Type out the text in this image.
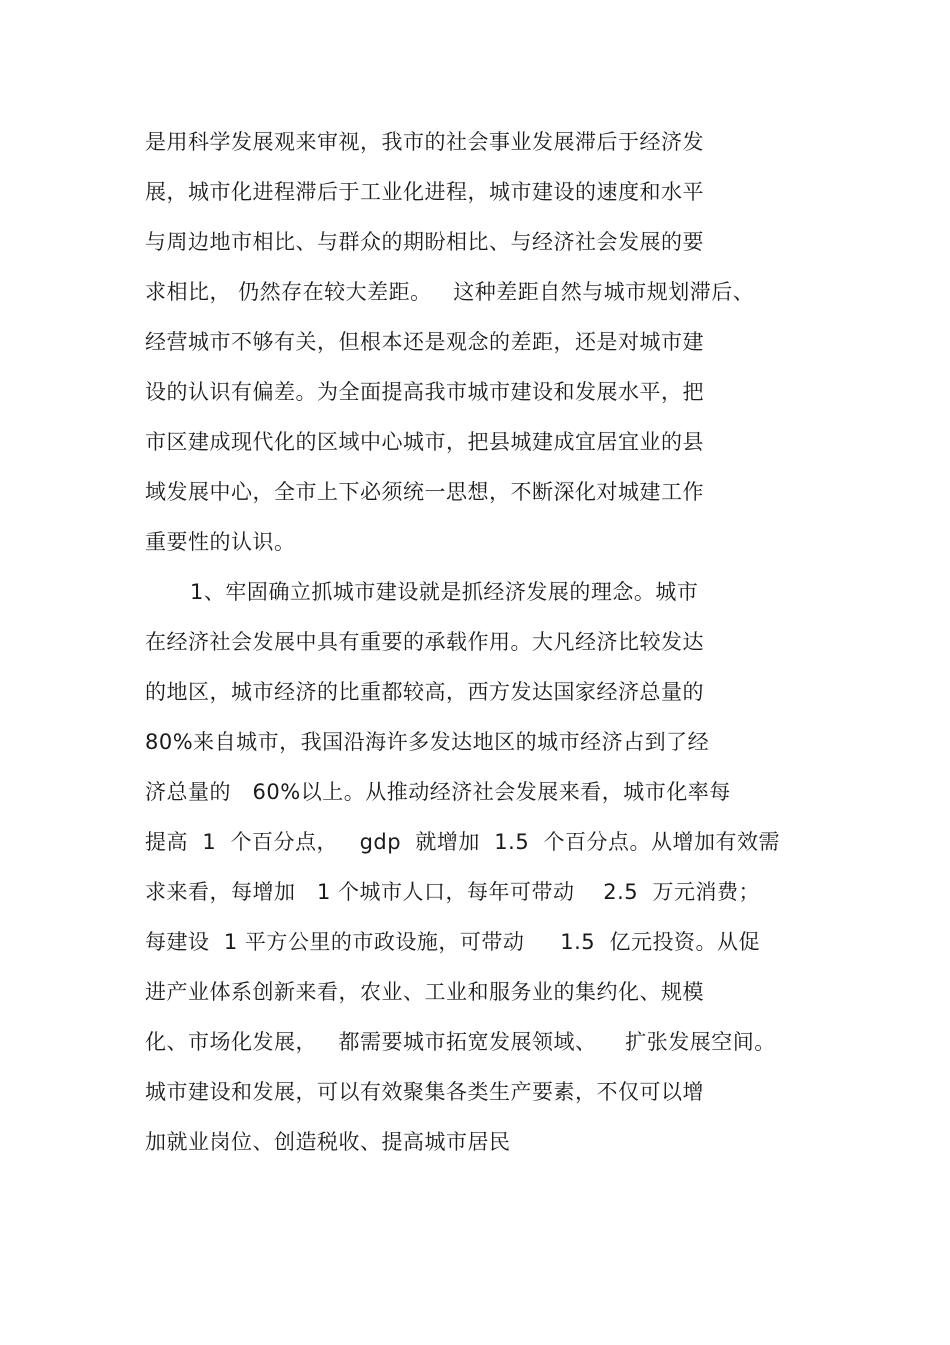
是用科学发展观来审视，我市的社会事业发展滞后于经济发
展，城市化进程滞后于工业化进程，城市建设的速度和水平
与周边地市相比、与群众的期盼相比、与经济社会发展的要
求相比， 仍然存在较大差距。   这种差距自然与城市规划滞后、
经营城市不够有关，但根本还是观念的差距，还是对城市建
设的认识有偏差。为全面提高我市城市建设和发展水平，把
市区建成现代化的区域中心城市，把县城建成宜居宜业的县
域发展中心，全市上下必须统一思想，不断深化对城建工作
重要性的认识。
1、牢固确立抓城市建设就是抓经济发展的理念。城市
在经济社会发展中具有重要的承载作用。大凡经济比较发达
的地区，城市经济的比重都较高，西方发达国家经济总量的
80%来自城市，我国沿海许多发达地区的城市经济占到了经
济总量的   60%以上。从推动经济社会发展来看，城市化率每
提高  1  个百分点，   gdp  就增加  1.5  个百分点。从增加有效需
求来看，每增加   1 个城市人口，每年可带动    2.5  万元消费；
每建设  1 平方公里的市政设施，可带动     1.5  亿元投资。从促
进产业体系创新来看，农业、工业和服务业的集约化、规模
化、市场化发展，   都需要城市拓宽发展领域、    扩张发展空间。
城市建设和发展，可以有效聚集各类生产要素，不仅可以增
加就业岗位、创造税收、提高城市居民
